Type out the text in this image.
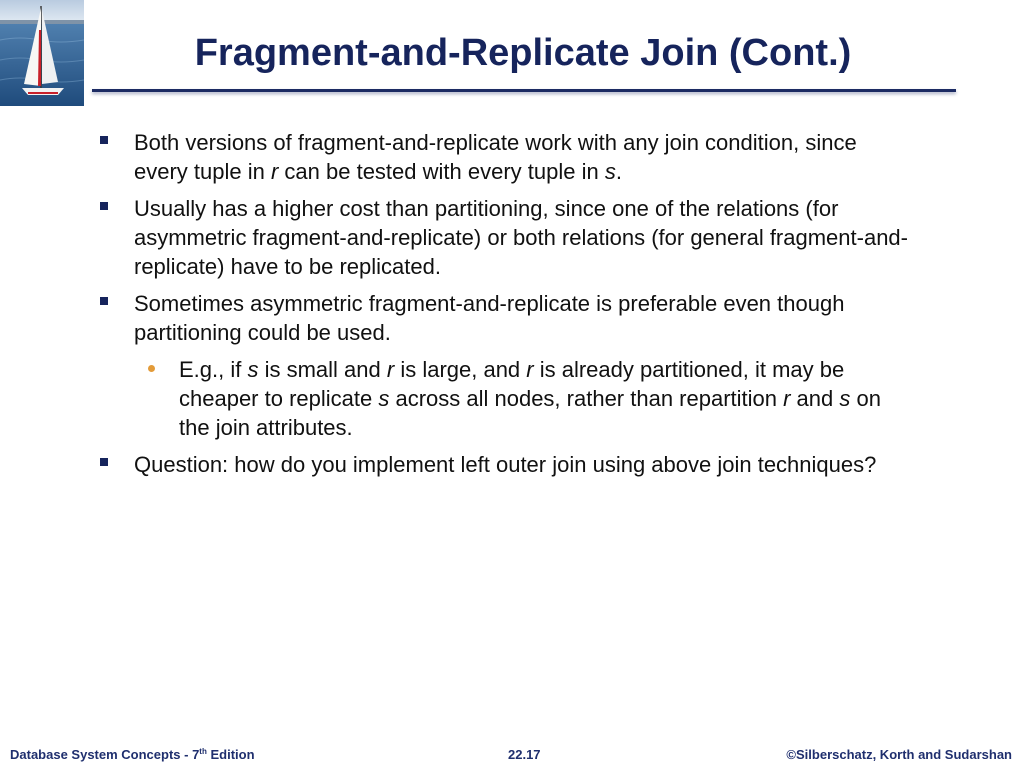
Fragment-and-Replicate Join (Cont.)
Both versions of fragment-and-replicate work with any join condition, since every tuple in r can be tested with every tuple in s.
Usually has a higher cost than partitioning, since one of the relations (for asymmetric fragment-and-replicate) or both relations (for general fragment-and-replicate) have to be replicated.
Sometimes asymmetric fragment-and-replicate is preferable even though partitioning could be used.
E.g., if s is small and r is large, and r is already partitioned, it may be cheaper to replicate s across all nodes, rather than repartition r and s on the join attributes.
Question: how do you implement left outer join using above join techniques?
Database System Concepts - 7th Edition	22.17	©Silberschatz, Korth and Sudarshan
